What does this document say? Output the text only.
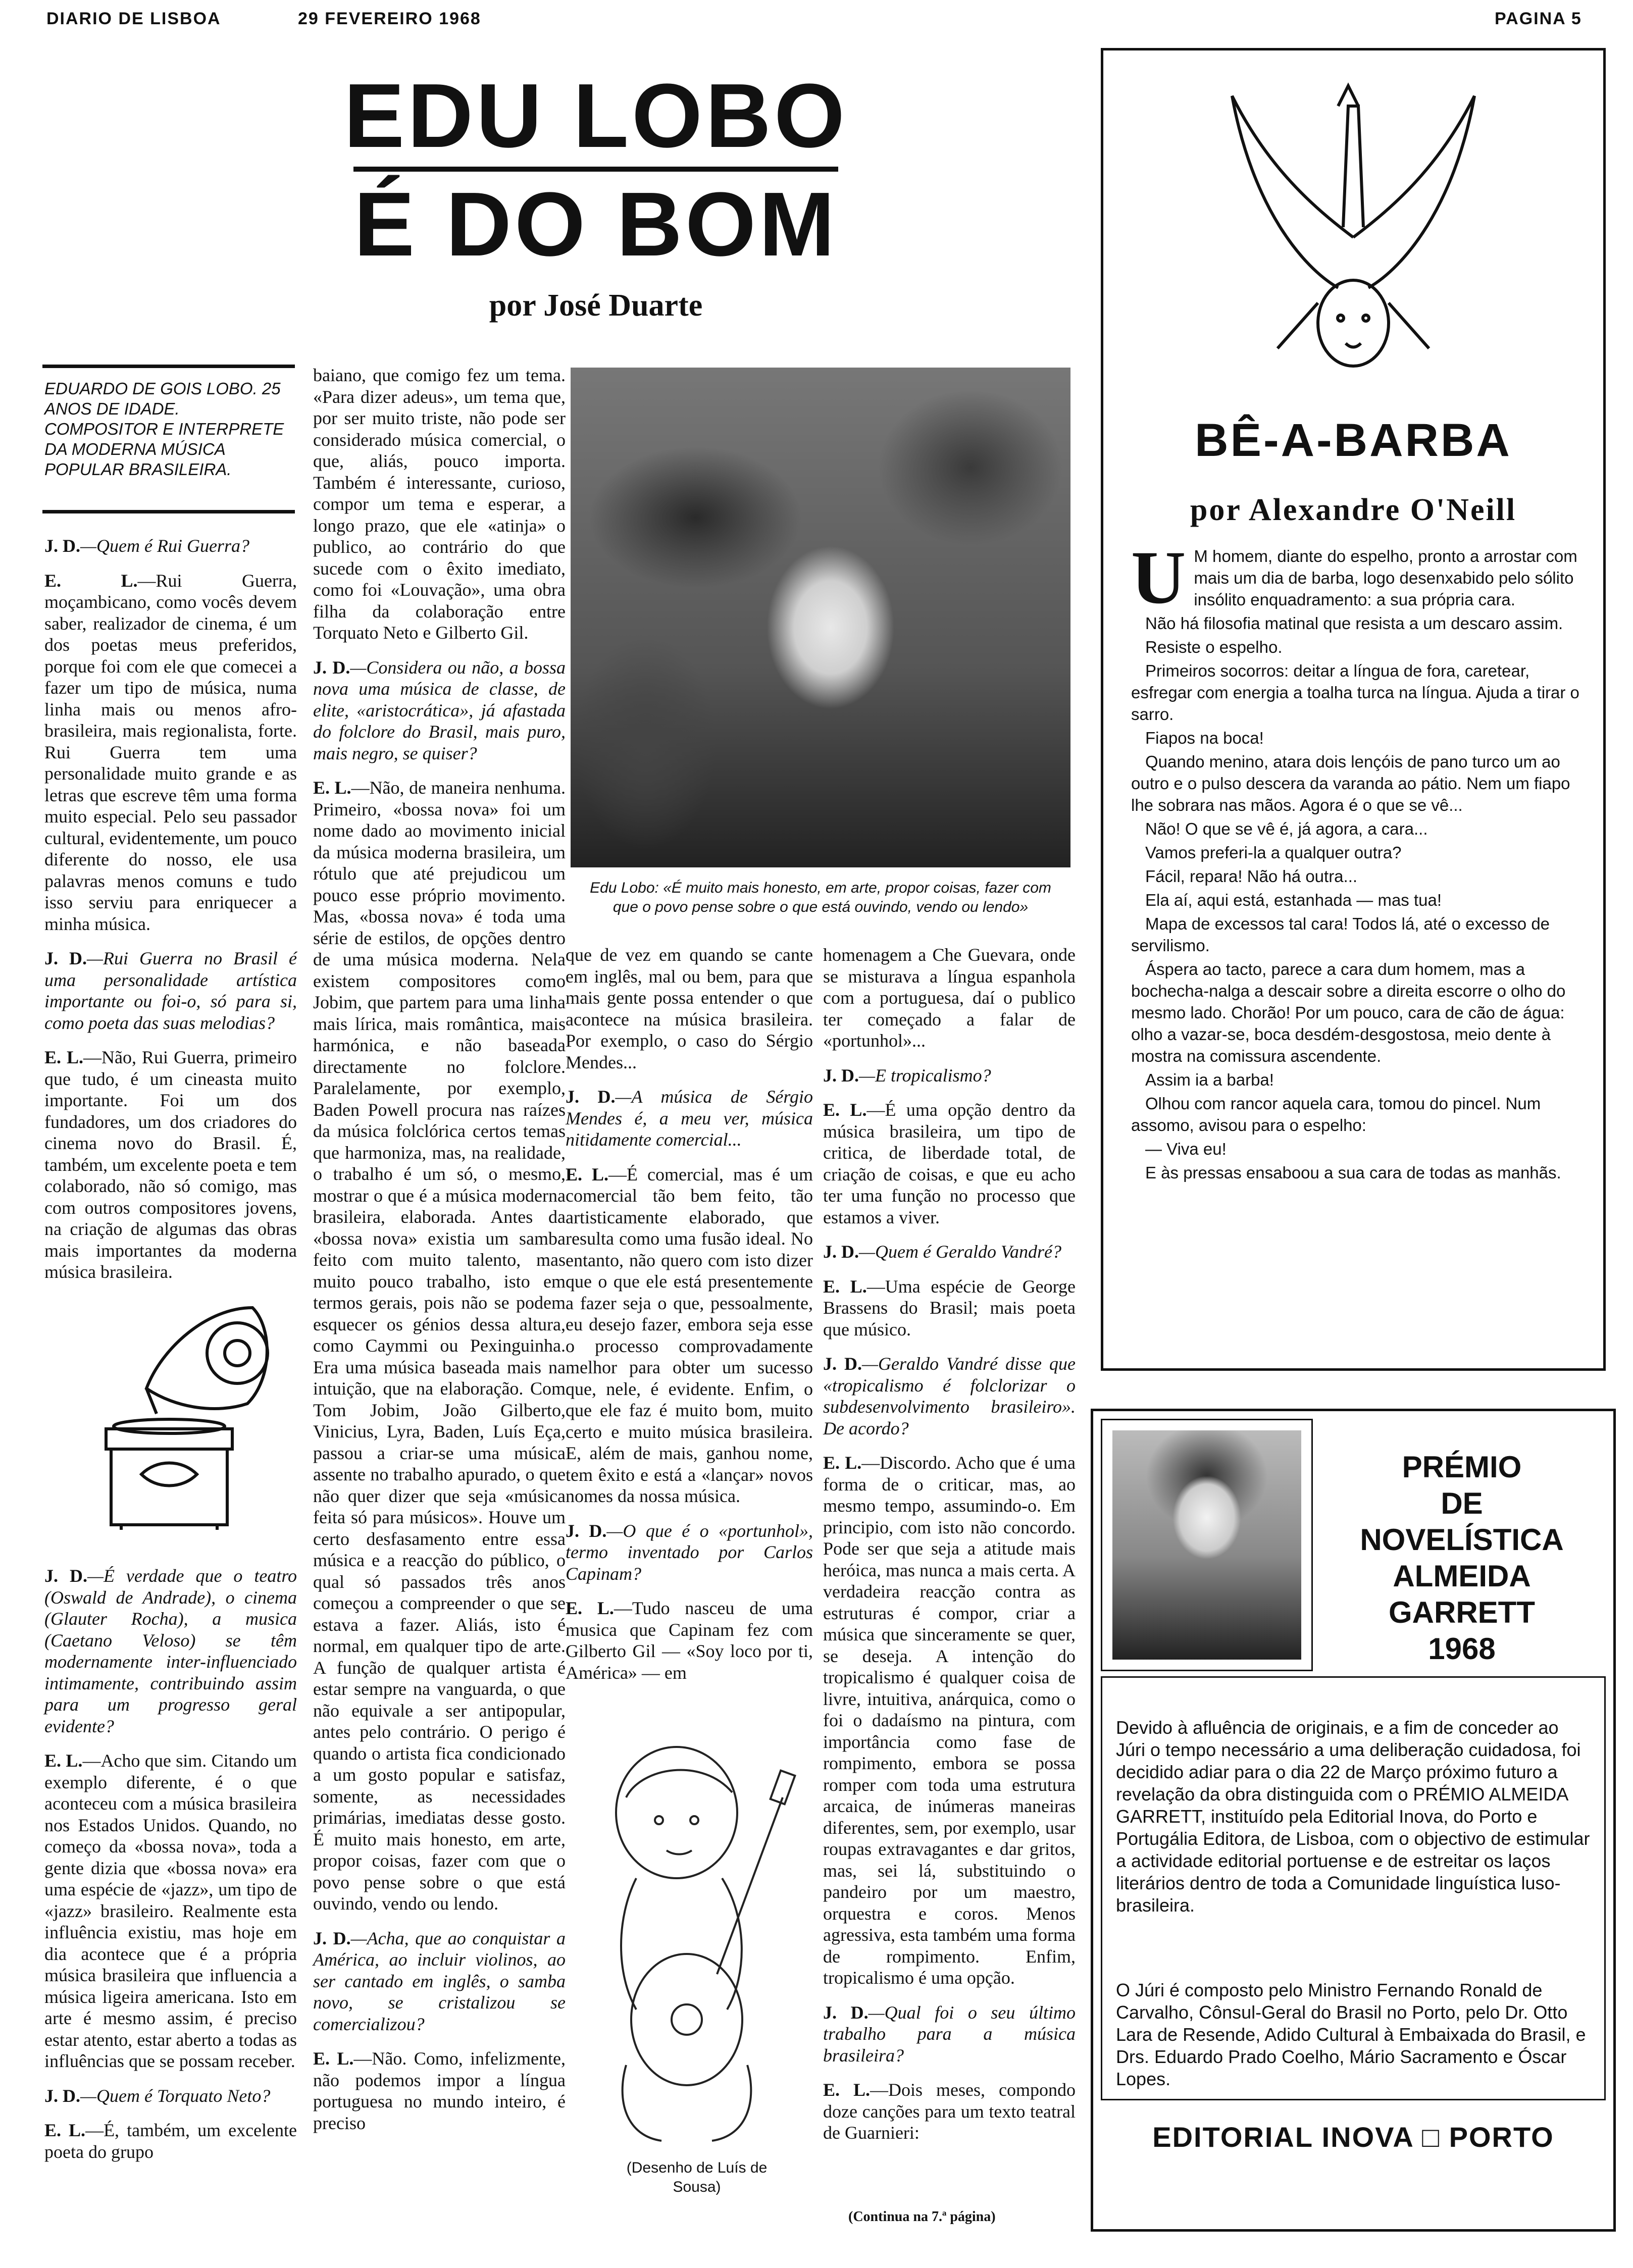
DIARIO DE LISBOA	29 FEVEREIRO 1968	PAGINA 5
EDU LOBO
É DO BOM
por José Duarte
EDUARDO DE GOIS LOBO. 25 ANOS DE IDADE. COMPOSITOR E INTERPRETE DA MODERNA MÚSICA POPULAR BRASILEIRA.

J. D.—Quem é Rui Guerra?

E. L.—Rui Guerra, moçambicano, como vocês devem saber, realizador de cinema, é um dos poetas meus preferidos, porque foi com ele que comecei a fazer um tipo de música, numa linha mais ou menos afro-brasileira, mais regionalista, forte. Rui Guerra tem uma personalidade muito grande e as letras que escreve têm uma forma muito especial. Pelo seu passador cultural, evidentemente, um pouco diferente do nosso, ele usa palavras menos comuns e tudo isso serviu para enriquecer a minha música.

J. D.—Rui Guerra no Brasil é uma personalidade artística importante ou foi-o, só para si, como poeta das suas melodias?

E. L.—Não, Rui Guerra, primeiro que tudo, é um cineasta muito importante. Foi um dos fundadores, um dos criadores do cinema novo do Brasil. É, também, um excelente poeta e tem colaborado, não só comigo, mas com outros compositores jovens, na criação de algumas das obras mais importantes da moderna música brasileira.

J. D.—É verdade que o teatro (Oswald de Andrade), o cinema (Glauter Rocha), a musica (Caetano Veloso) se têm modernamente inter-influenciado intimamente, contribuindo assim para um progresso geral evidente?

E. L.—Acho que sim. Citando um exemplo diferente, é o que aconteceu com a música brasileira nos Estados Unidos. Quando, no começo da «bossa nova», toda a gente dizia que «bossa nova» era uma espécie de «jazz», um tipo de «jazz» brasileiro. Realmente esta influência existiu, mas hoje em dia acontece que é a própria música brasileira que influencia a música ligeira americana. Isto em arte é mesmo assim, é preciso estar atento, estar aberto a todas as influências que se possam receber.

J. D.—Quem é Torquato Neto?

E. L.—É, também, um excelente poeta do grupo

baiano, que comigo fez um tema. «Para dizer adeus», um tema que, por ser muito triste, não pode ser considerado música comercial, o que, aliás, pouco importa. Também é interessante, curioso, compor um tema e esperar, a longo prazo, que ele «atinja» o publico, ao contrário do que sucede com o êxito imediato, como foi «Louvação», uma obra filha da colaboração entre Torquato Neto e Gilberto Gil.

J. D.—Considera ou não, a bossa nova uma música de classe, de elite, «aristocrática», já afastada do folclore do Brasil, mais puro, mais negro, se quiser?

E. L.—Não, de maneira nenhuma. Primeiro, «bossa nova» foi um nome dado ao movimento inicial da música moderna brasileira, um rótulo que até prejudicou um pouco esse próprio movimento. Mas, «bossa nova» é toda uma série de estilos, de opções dentro de uma música moderna. Nela existem compositores como Jobim, que partem para uma linha mais lírica, mais romântica, mais harmónica, e não baseada directamente no folclore. Paralelamente, por exemplo, Baden Powell procura nas raízes da música folclórica certos temas que harmoniza, mas, na realidade, o trabalho é um só, o mesmo, mostrar o que é a música moderna brasileira, elaborada. Antes da «bossa nova» existia um samba feito com muito talento, mas muito pouco trabalho, isto em termos gerais, pois não se podem esquecer os génios dessa altura, como Caymmi ou Pexinguinha. Era uma música baseada mais na intuição, que na elaboração. Com Tom Jobim, João Gilberto, Vinicius, Lyra, Baden, Luís Eça, passou a criar-se uma música assente no trabalho apurado, o que não quer dizer que seja «música feita só para músicos». Houve um certo desfasamento entre essa música e a reacção do público, o qual só passados três anos começou a compreender o que se estava a fazer. Aliás, isto é normal, em qualquer tipo de arte. A função de qualquer artista é estar sempre na vanguarda, o que não equivale a ser antipopular, antes pelo contrário. O perigo é quando o artista fica condicionado a um gosto popular e satisfaz, somente, as necessidades primárias, imediatas desse gosto. É muito mais honesto, em arte, propor coisas, fazer com que o povo pense sobre o que está ouvindo, vendo ou lendo.

J. D.—Acha, que ao conquistar a América, ao incluir violinos, ao ser cantado em inglês, o samba novo, se cristalizou se comercializou?

E. L.—Não. Como, infelizmente, não podemos impor a língua portuguesa no mundo inteiro, é preciso

Edu Lobo: «É muito mais honesto, em arte, propor coisas, fazer com que o povo pense sobre o que está ouvindo, vendo ou lendo»

que de vez em quando se cante em inglês, mal ou bem, para que mais gente possa entender o que acontece na música brasileira. Por exemplo, o caso do Sérgio Mendes...

J. D.—A música de Sérgio Mendes é, a meu ver, música nitidamente comercial...

E. L.—É comercial, mas é um comercial tão bem feito, tão artisticamente elaborado, que resulta como uma fusão ideal. No entanto, não quero com isto dizer que o que ele está presentemente a fazer seja o que, pessoalmente, eu desejo fazer, embora seja esse o processo comprovadamente melhor para obter um sucesso que, nele, é evidente. Enfim, o que ele faz é muito bom, muito certo e muito música brasileira. E, além de mais, ganhou nome, tem êxito e está a «lançar» novos nomes da nossa música.

J. D.—O que é o «portunhol», termo inventado por Carlos Capinam?

E. L.—Tudo nasceu de uma musica que Capinam fez com Gilberto Gil — «Soy loco por ti, América» — em

(Desenho de Luís de Sousa)

homenagem a Che Guevara, onde se misturava a língua espanhola com a portuguesa, daí o publico ter começado a falar de «portunhol»...

J. D.—E tropicalismo?

E. L.—É uma opção dentro da música brasileira, um tipo de critica, de liberdade total, de criação de coisas, e que eu acho ter uma função no processo que estamos a viver.

J. D.—Quem é Geraldo Vandré?

E. L.—Uma espécie de George Brassens do Brasil; mais poeta que músico.

J. D.—Geraldo Vandré disse que «tropicalismo é folclorizar o subdesenvolvimento brasileiro». De acordo?

E. L.—Discordo. Acho que é uma forma de o criticar, mas, ao mesmo tempo, assumindo-o. Em principio, com isto não concordo. Pode ser que seja a atitude mais heróica, mas nunca a mais certa. A verdadeira reacção contra as estruturas é compor, criar a música que sinceramente se quer, se deseja. A intenção do tropicalismo é qualquer coisa de livre, intuitiva, anárquica, como o foi o dadaísmo na pintura, com importância como fase de rompimento, embora se possa romper com toda uma estrutura arcaica, de inúmeras maneiras diferentes, sem, por exemplo, usar roupas extravagantes e dar gritos, mas, sei lá, substituindo o pandeiro por um maestro, orquestra e coros. Menos agressiva, esta também uma forma de rompimento. Enfim, tropicalismo é uma opção.

J. D.—Qual foi o seu último trabalho para a música brasileira?

E. L.—Dois meses, compondo doze canções para um texto teatral de Guarnieri:

(Continua na 7.ª página)
BÊ-A-BARBA
por Alexandre O'Neill
U M homem, diante do espelho, pronto a arrostar com mais um dia de barba, logo desenxabido pelo sólito insólito enquadramento: a sua própria cara.

Não há filosofia matinal que resista a um descaro assim.

Resiste o espelho.

Primeiros socorros: deitar a língua de fora, caretear, esfregar com energia a toalha turca na língua. Ajuda a tirar o sarro.

Fiapos na boca!

Quando menino, atara dois lençóis de pano turco um ao outro e o pulso descera da varanda ao pátio. Nem um fiapo lhe sobrara nas mãos. Agora é o que se vê...

Não! O que se vê é, já agora, a cara...

Vamos preferi-la a qualquer outra?

Fácil, repara! Não há outra...

Ela aí, aqui está, estanhada — mas tua!

Mapa de excessos tal cara! Todos lá, até o excesso de servilismo.

Áspera ao tacto, parece a cara dum homem, mas a bochecha-nalga a descair sobre a direita escorre o olho do mesmo lado. Chorão! Por um pouco, cara de cão de água: olho a vazar-se, boca desdém-desgostosa, meio dente à mostra na comissura ascendente.

Assim ia a barba!

Olhou com rancor aquela cara, tomou do pincel. Num assomo, avisou para o espelho:

— Viva eu!

E às pressas ensaboou a sua cara de todas as manhãs.

PRÉMIO
DE
NOVELÍSTICA
ALMEIDA GARRETT
1968
Devido à afluência de originais, e a fim de conceder ao Júri o tempo necessário a uma deliberação cuidadosa, foi decidido adiar para o dia 22 de Março próximo futuro a revelação da obra distinguida com o PRÉMIO ALMEIDA GARRETT, instituído pela Editorial Inova, do Porto e Portugália Editora, de Lisboa, com o objectivo de estimular a actividade editorial portuense e de estreitar os laços literários dentro de toda a Comunidade linguística luso-brasileira.
O Júri é composto pelo Ministro Fernando Ronald de Carvalho, Cônsul-Geral do Brasil no Porto, pelo Dr. Otto Lara de Resende, Adido Cultural à Embaixada do Brasil, e Drs. Eduardo Prado Coelho, Mário Sacramento e Óscar Lopes.
EDITORIAL INOVA □ PORTO
